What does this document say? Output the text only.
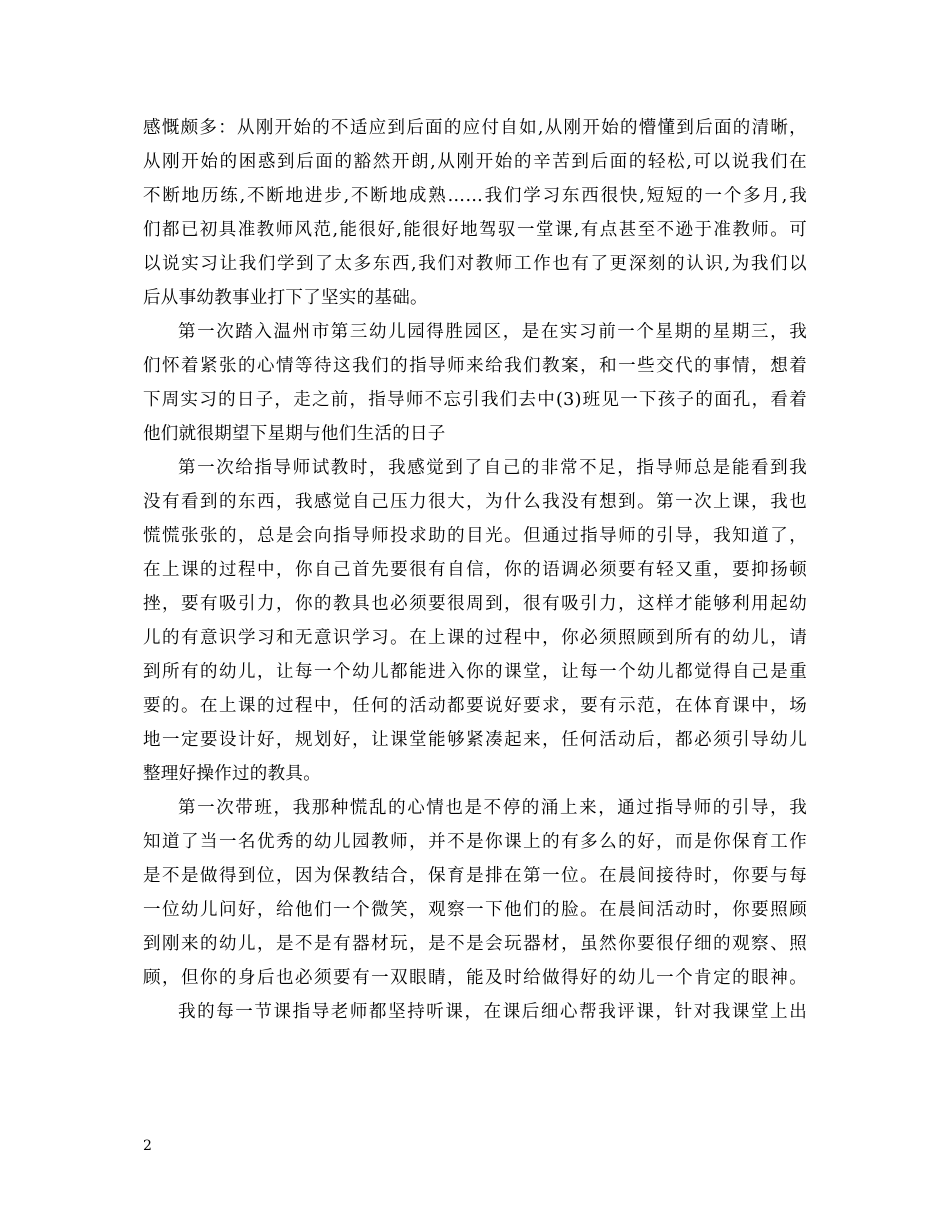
感慨颇多：从刚开始的不适应到后面的应付自如,从刚开始的懵懂到后面的清晰，
从刚开始的困惑到后面的豁然开朗,从刚开始的辛苦到后面的轻松,可以说我们在
不断地历练,不断地进步,不断地成熟……我们学习东西很快,短短的一个多月,我
们都已初具准教师风范,能很好,能很好地驾驭一堂课,有点甚至不逊于准教师。可
以说实习让我们学到了太多东西,我们对教师工作也有了更深刻的认识,为我们以
后从事幼教事业打下了坚实的基础。
第一次踏入温州市第三幼儿园得胜园区，是在实习前一个星期的星期三，我
们怀着紧张的心情等待这我们的指导师来给我们教案，和一些交代的事情，想着
下周实习的日子，走之前，指导师不忘引我们去中(3)班见一下孩子的面孔，看着
他们就很期望下星期与他们生活的日子
第一次给指导师试教时，我感觉到了自己的非常不足，指导师总是能看到我
没有看到的东西，我感觉自己压力很大，为什么我没有想到。第一次上课，我也
慌慌张张的，总是会向指导师投求助的目光。但通过指导师的引导，我知道了，
在上课的过程中，你自己首先要很有自信，你的语调必须要有轻又重，要抑扬顿
挫，要有吸引力，你的教具也必须要很周到，很有吸引力，这样才能够利用起幼
儿的有意识学习和无意识学习。在上课的过程中，你必须照顾到所有的幼儿，请
到所有的幼儿，让每一个幼儿都能进入你的课堂，让每一个幼儿都觉得自己是重
要的。在上课的过程中，任何的活动都要说好要求，要有示范，在体育课中，场
地一定要设计好，规划好，让课堂能够紧凑起来，任何活动后，都必须引导幼儿
整理好操作过的教具。
第一次带班，我那种慌乱的心情也是不停的涌上来，通过指导师的引导，我
知道了当一名优秀的幼儿园教师，并不是你课上的有多么的好，而是你保育工作
是不是做得到位，因为保教结合，保育是排在第一位。在晨间接待时，你要与每
一位幼儿问好，给他们一个微笑，观察一下他们的脸。在晨间活动时，你要照顾
到刚来的幼儿，是不是有器材玩，是不是会玩器材，虽然你要很仔细的观察、照
顾，但你的身后也必须要有一双眼睛，能及时给做得好的幼儿一个肯定的眼神。
我的每一节课指导老师都坚持听课，在课后细心帮我评课，针对我课堂上出
2
